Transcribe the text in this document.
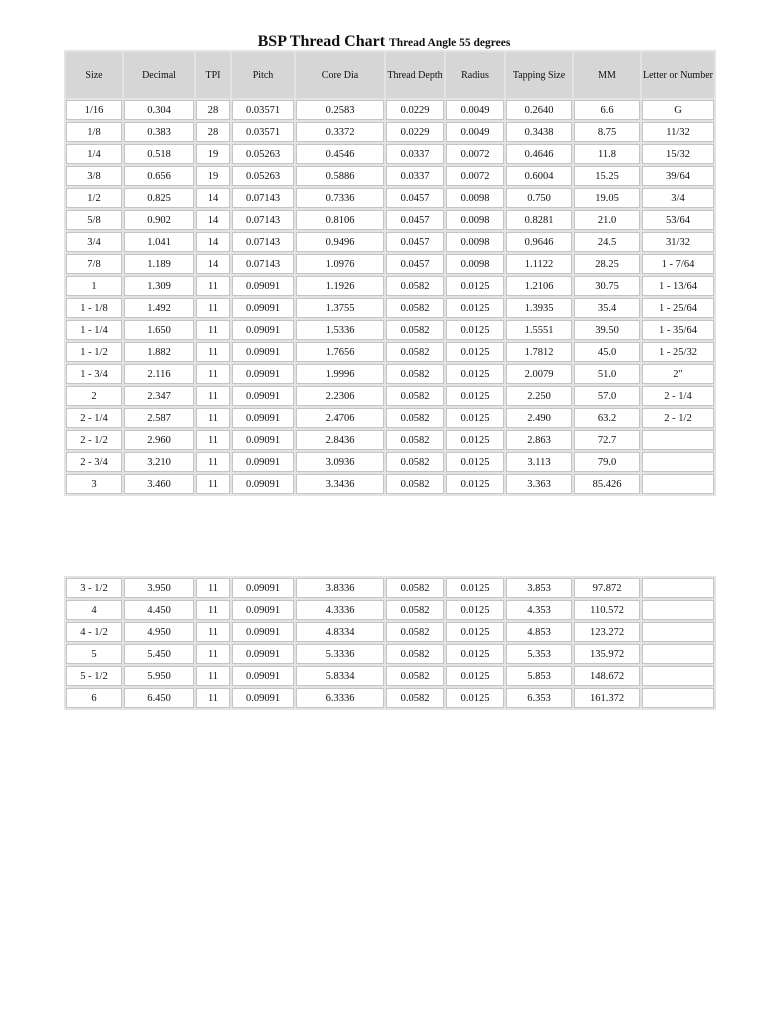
BSP Thread Chart Thread Angle 55 degrees
Size	Decimal	TPI	Pitch	Core Dia	Thread Depth	Radius	Tapping Size	MM	Letter or Number
1/16	0.304	28	0.03571	0.2583	0.0229	0.0049	0.2640	6.6	G
1/8	0.383	28	0.03571	0.3372	0.0229	0.0049	0.3438	8.75	11/32
1/4	0.518	19	0.05263	0.4546	0.0337	0.0072	0.4646	11.8	15/32
3/8	0.656	19	0.05263	0.5886	0.0337	0.0072	0.6004	15.25	39/64
1/2	0.825	14	0.07143	0.7336	0.0457	0.0098	0.750	19.05	3/4
5/8	0.902	14	0.07143	0.8106	0.0457	0.0098	0.8281	21.0	53/64
3/4	1.041	14	0.07143	0.9496	0.0457	0.0098	0.9646	24.5	31/32
7/8	1.189	14	0.07143	1.0976	0.0457	0.0098	1.1122	28.25	1 - 7/64
1	1.309	11	0.09091	1.1926	0.0582	0.0125	1.2106	30.75	1 - 13/64
1 - 1/8	1.492	11	0.09091	1.3755	0.0582	0.0125	1.3935	35.4	1 - 25/64
1 - 1/4	1.650	11	0.09091	1.5336	0.0582	0.0125	1.5551	39.50	1 - 35/64
1 - 1/2	1.882	11	0.09091	1.7656	0.0582	0.0125	1.7812	45.0	1 - 25/32
1 - 3/4	2.116	11	0.09091	1.9996	0.0582	0.0125	2.0079	51.0	2"
2	2.347	11	0.09091	2.2306	0.0582	0.0125	2.250	57.0	2 - 1/4
2 - 1/4	2.587	11	0.09091	2.4706	0.0582	0.0125	2.490	63.2	2 - 1/2
2 - 1/2	2.960	11	0.09091	2.8436	0.0582	0.0125	2.863	72.7	
2 - 3/4	3.210	11	0.09091	3.0936	0.0582	0.0125	3.113	79.0	
3	3.460	11	0.09091	3.3436	0.0582	0.0125	3.363	85.426	
3 - 1/2	3.950	11	0.09091	3.8336	0.0582	0.0125	3.853	97.872	
4	4.450	11	0.09091	4.3336	0.0582	0.0125	4.353	110.572	
4 - 1/2	4.950	11	0.09091	4.8334	0.0582	0.0125	4.853	123.272	
5	5.450	11	0.09091	5.3336	0.0582	0.0125	5.353	135.972	
5 - 1/2	5.950	11	0.09091	5.8334	0.0582	0.0125	5.853	148.672	
6	6.450	11	0.09091	6.3336	0.0582	0.0125	6.353	161.372	
